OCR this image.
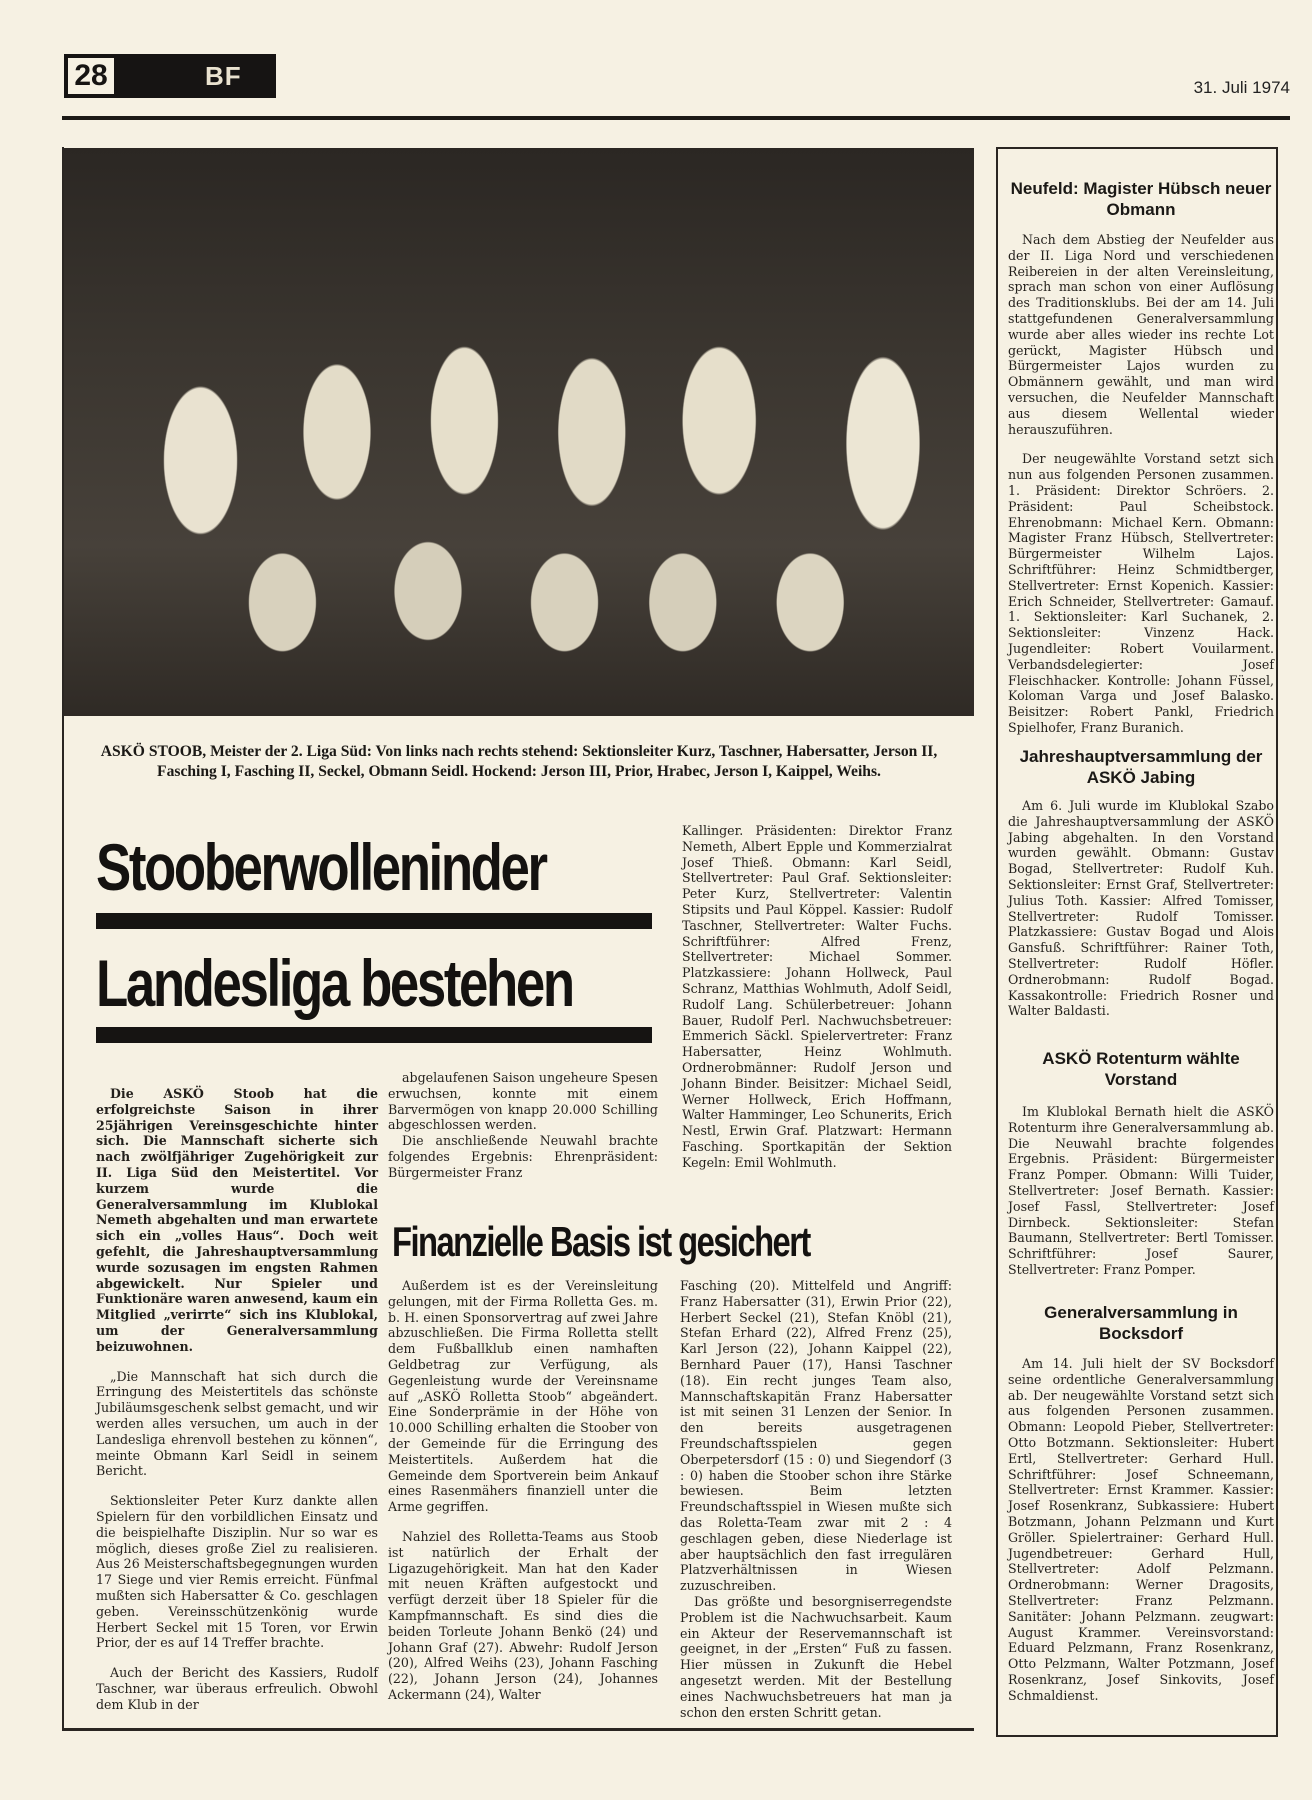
28	BF	31. Juli 1974
ASKÖ STOOB, Meister der 2. Liga Süd: Von links nach rechts stehend: Sektionsleiter Kurz, Taschner, Habersatter, Jerson II, Fasching I, Fasching II, Seckel, Obmann Seidl. Hockend: Jerson III, Prior, Hrabec, Jerson I, Kaippel, Weihs.
Stooberwolleninder
Landesliga bestehen

Die ASKÖ Stoob hat die erfolgreichste Saison in ihrer 25jährigen Vereinsgeschichte hinter sich. Die Mannschaft sicherte sich nach zwölfjähriger Zugehörigkeit zur II. Liga Süd den Meistertitel. Vor kurzem wurde die Generalversammlung im Klublokal Nemeth abgehalten und man erwartete sich ein „volles Haus“. Doch weit gefehlt, die Jahreshauptversammlung wurde sozusagen im engsten Rahmen abgewickelt. Nur Spieler und Funktionäre waren anwesend, kaum ein Mitglied „verirrte“ sich ins Klublokal, um der Generalversammlung beizuwohnen.

„Die Mannschaft hat sich durch die Erringung des Meistertitels das schönste Jubiläumsgeschenk selbst gemacht, und wir werden alles versuchen, um auch in der Landesliga ehrenvoll bestehen zu können“, meinte Obmann Karl Seidl in seinem Bericht.

Sektionsleiter Peter Kurz dankte allen Spielern für den vorbildlichen Einsatz und die beispielhafte Disziplin. Nur so war es möglich, dieses große Ziel zu realisieren. Aus 26 Meisterschaftsbegegnungen wurden 17 Siege und vier Remis erreicht. Fünfmal mußten sich Habersatter & Co. geschlagen geben. Vereinsschützenkönig wurde Herbert Seckel mit 15 Toren, vor Erwin Prior, der es auf 14 Treffer brachte.

Auch der Bericht des Kassiers, Rudolf Taschner, war überaus erfreulich. Obwohl dem Klub in der

abgelaufenen Saison ungeheure Spesen erwuchsen, konnte mit einem Barvermögen von knapp 20.000 Schilling abgeschlossen werden.

Die anschließende Neuwahl brachte folgendes Ergebnis: Ehrenpräsident: Bürgermeister Franz

Kallinger. Präsidenten: Direktor Franz Nemeth, Albert Epple und Kommerzialrat Josef Thieß. Obmann: Karl Seidl, Stellvertreter: Paul Graf. Sektionsleiter: Peter Kurz, Stellvertreter: Valentin Stipsits und Paul Köppel. Kassier: Rudolf Taschner, Stellvertreter: Walter Fuchs. Schriftführer: Alfred Frenz, Stellvertreter: Michael Sommer. Platzkassiere: Johann Hollweck, Paul Schranz, Matthias Wohlmuth, Adolf Seidl, Rudolf Lang. Schülerbetreuer: Johann Bauer, Rudolf Perl. Nachwuchsbetreuer: Emmerich Säckl. Spielervertreter: Franz Habersatter, Heinz Wohlmuth. Ordnerobmänner: Rudolf Jerson und Johann Binder. Beisitzer: Michael Seidl, Werner Hollweck, Erich Hoffmann, Walter Hamminger, Leo Schunerits, Erich Nestl, Erwin Graf. Platzwart: Hermann Fasching. Sportkapitän der Sektion Kegeln: Emil Wohlmuth.

Finanzielle Basis ist gesichert

Außerdem ist es der Vereinsleitung gelungen, mit der Firma Rolletta Ges. m. b. H. einen Sponsorvertrag auf zwei Jahre abzuschließen. Die Firma Rolletta stellt dem Fußballklub einen namhaften Geldbetrag zur Verfügung, als Gegenleistung wurde der Vereinsname auf „ASKÖ Rolletta Stoob“ abgeändert. Eine Sonderprämie in der Höhe von 10.000 Schilling erhalten die Stoober von der Gemeinde für die Erringung des Meistertitels. Außerdem hat die Gemeinde dem Sportverein beim Ankauf eines Rasenmähers finanziell unter die Arme gegriffen.

Nahziel des Rolletta-Teams aus Stoob ist natürlich der Erhalt der Ligazugehörigkeit. Man hat den Kader mit neuen Kräften aufgestockt und verfügt derzeit über 18 Spieler für die Kampfmannschaft. Es sind dies die beiden Torleute Johann Benkö (24) und Johann Graf (27). Abwehr: Rudolf Jerson (20), Alfred Weihs (23), Johann Fasching (22), Johann Jerson (24), Johannes Ackermann (24), Walter

Fasching (20). Mittelfeld und Angriff: Franz Habersatter (31), Erwin Prior (22), Herbert Seckel (21), Stefan Knöbl (21), Stefan Erhard (22), Alfred Frenz (25), Karl Jerson (22), Johann Kaippel (22), Bernhard Pauer (17), Hansi Taschner (18). Ein recht junges Team also, Mannschaftskapitän Franz Habersatter ist mit seinen 31 Lenzen der Senior. In den bereits ausgetragenen Freundschaftsspielen gegen Oberpetersdorf (15 : 0) und Siegendorf (3 : 0) haben die Stoober schon ihre Stärke bewiesen. Beim letzten Freundschaftsspiel in Wiesen mußte sich das Roletta-Team zwar mit 2 : 4 geschlagen geben, diese Niederlage ist aber hauptsächlich den fast irregulären Platzverhältnissen in Wiesen zuzuschreiben.

Das größte und besorgniserregendste Problem ist die Nachwuchsarbeit. Kaum ein Akteur der Reservemannschaft ist geeignet, in der „Ersten“ Fuß zu fassen. Hier müssen in Zukunft die Hebel angesetzt werden. Mit der Bestellung eines Nachwuchsbetreuers hat man ja schon den ersten Schritt getan.

Neufeld: Magister Hübsch neuer Obmann

Nach dem Abstieg der Neufelder aus der II. Liga Nord und verschiedenen Reibereien in der alten Vereinsleitung, sprach man schon von einer Auflösung des Traditionsklubs. Bei der am 14. Juli stattgefundenen Generalversammlung wurde aber alles wieder ins rechte Lot gerückt, Magister Hübsch und Bürgermeister Lajos wurden zu Obmännern gewählt, und man wird versuchen, die Neufelder Mannschaft aus diesem Wellental wieder herauszuführen.

Der neugewählte Vorstand setzt sich nun aus folgenden Personen zusammen. 1. Präsident: Direktor Schröers. 2. Präsident: Paul Scheibstock. Ehrenobmann: Michael Kern. Obmann: Magister Franz Hübsch, Stellvertreter: Bürgermeister Wilhelm Lajos. Schriftführer: Heinz Schmidtberger, Stellvertreter: Ernst Kopenich. Kassier: Erich Schneider, Stellvertreter: Gamauf. 1. Sektionsleiter: Karl Suchanek, 2. Sektionsleiter: Vinzenz Hack. Jugendleiter: Robert Vouilarment. Verbandsdelegierter: Josef Fleischhacker. Kontrolle: Johann Füssel, Koloman Varga und Josef Balasko. Beisitzer: Robert Pankl, Friedrich Spielhofer, Franz Buranich.

Jahreshauptversammlung der ASKÖ Jabing

Am 6. Juli wurde im Klublokal Szabo die Jahreshauptversammlung der ASKÖ Jabing abgehalten. In den Vorstand wurden gewählt. Obmann: Gustav Bogad, Stellvertreter: Rudolf Kuh. Sektionsleiter: Ernst Graf, Stellvertreter: Julius Toth. Kassier: Alfred Tomisser, Stellvertreter: Rudolf Tomisser. Platzkassiere: Gustav Bogad und Alois Gansfuß. Schriftführer: Rainer Toth, Stellvertreter: Rudolf Höfler. Ordnerobmann: Rudolf Bogad. Kassakontrolle: Friedrich Rosner und Walter Baldasti.

ASKÖ Rotenturm wählte Vorstand

Im Klublokal Bernath hielt die ASKÖ Rotenturm ihre Generalversammlung ab. Die Neuwahl brachte folgendes Ergebnis. Präsident: Bürgermeister Franz Pomper. Obmann: Willi Tuider, Stellvertreter: Josef Bernath. Kassier: Josef Fassl, Stellvertreter: Josef Dirnbeck. Sektionsleiter: Stefan Baumann, Stellvertreter: Bertl Tomisser. Schriftführer: Josef Saurer, Stellvertreter: Franz Pomper.

Generalversammlung in Bocksdorf

Am 14. Juli hielt der SV Bocksdorf seine ordentliche Generalversammlung ab. Der neugewählte Vorstand setzt sich aus folgenden Personen zusammen. Obmann: Leopold Pieber, Stellvertreter: Otto Botzmann. Sektionsleiter: Hubert Ertl, Stellvertreter: Gerhard Hull. Schriftführer: Josef Schneemann, Stellvertreter: Ernst Krammer. Kassier: Josef Rosenkranz, Subkassiere: Hubert Botzmann, Johann Pelzmann und Kurt Gröller. Spielertrainer: Gerhard Hull. Jugendbetreuer: Gerhard Hull, Stellvertreter: Adolf Pelzmann. Ordnerobmann: Werner Dragosits, Stellvertreter: Franz Pelzmann. Sanitäter: Johann Pelzmann. zeugwart: August Krammer. Vereinsvorstand: Eduard Pelzmann, Franz Rosenkranz, Otto Pelzmann, Walter Potzmann, Josef Rosenkranz, Josef Sinkovits, Josef Schmaldienst.
